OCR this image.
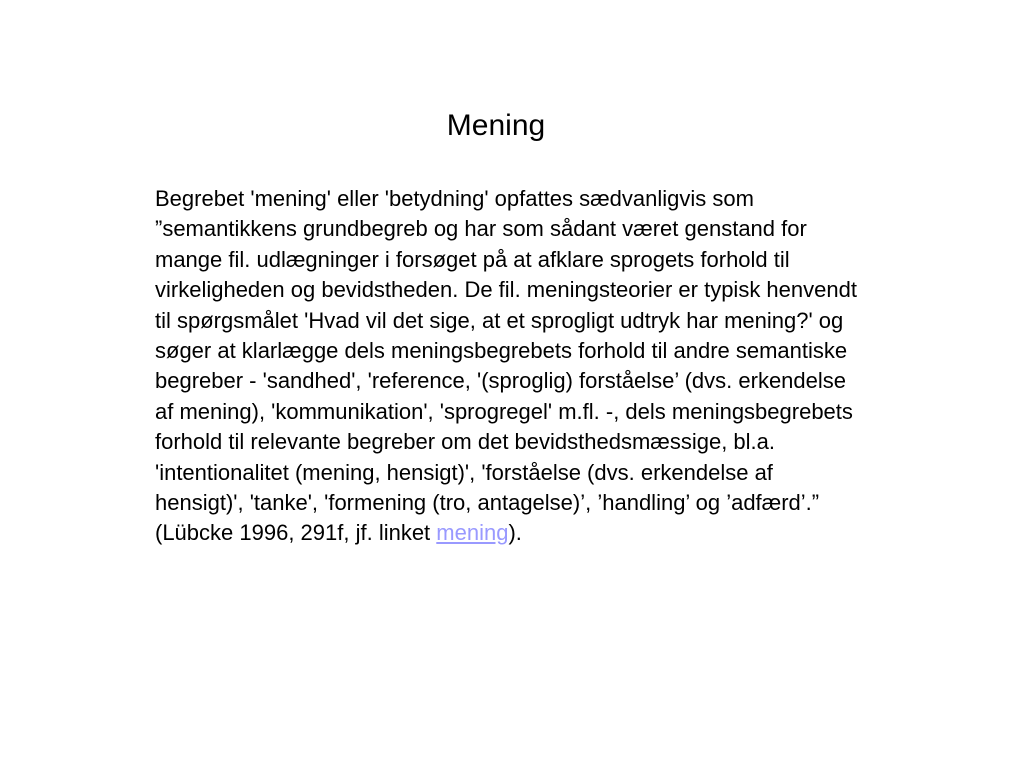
Mening

Begrebet 'mening' eller 'betydning' opfattes sædvanligvis som ”semantikkens grundbegreb og har som sådant været genstand for mange fil. udlægninger i forsøget på at afklare sprogets forhold til virkeligheden og bevidstheden. De fil. meningsteorier er typisk henvendt til spørgsmålet 'Hvad vil det sige, at et sprogligt udtryk har mening?' og søger at klarlægge dels meningsbegrebets forhold til andre semantiske begreber - 'sandhed', 'reference, '(sproglig) forståelse’ (dvs. erkendelse af mening), 'kommunikation', 'sprogregel' m.fl. -, dels meningsbegrebets forhold til relevante begreber om det bevidsthedsmæssige, bl.a. 'intentionalitet (mening, hensigt)', 'forståelse (dvs. erkendelse af hensigt)', 'tanke', 'formening (tro, antagelse)’, ’handling’ og ’adfærd’.” (Lübcke 1996, 291f, jf. linket mening).
